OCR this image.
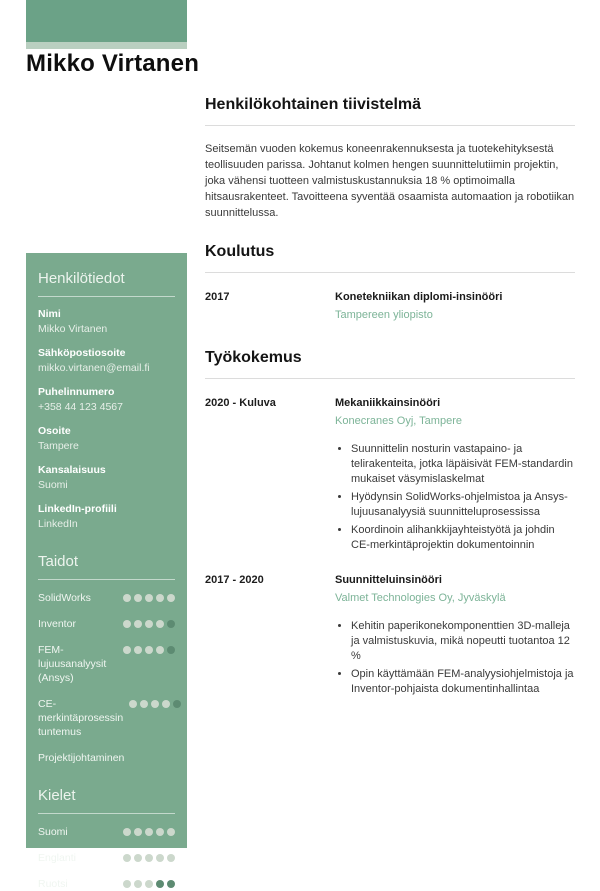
Mikko Virtanen
Henkilötiedot
Nimi
Mikko Virtanen
Sähköpostiosoite
mikko.virtanen@email.fi
Puhelinnumero
+358 44 123 4567
Osoite
Tampere
Kansalaisuus
Suomi
LinkedIn-profiili
LinkedIn
Taidot
SolidWorks
Inventor
FEM-lujuusanalyysit (Ansys)
CE-merkintäprosessin tuntemus
Projektijohtaminen
Kielet
Suomi
Englanti
Ruotsi
Henkilökohtainen tiivistelmä

Seitsemän vuoden kokemus koneenrakennuksesta ja tuotekehityksestä teollisuuden parissa. Johtanut kolmen hengen suunnittelutiimin projektin, joka vähensi tuotteen valmistuskustannuksia 18 % optimoimalla hitsausrakenteet. Tavoitteena syventää osaamista automaation ja robotiikan suunnittelussa.

Koulutus
2017	Konetekniikan diplomi-insinööri
Tampereen yliopisto
Työkokemus
2020 - Kuluva	Mekaniikkainsinööri
Konecranes Oyj, Tampere
• Suunnittelin nosturin vastapaino- ja telirakenteita, jotka läpäisivät FEM-standardin mukaiset väsymislaskelmat
• Hyödynsin SolidWorks-ohjelmistoa ja Ansys-lujuusanalyysiä suunnitteluprosessissa
• Koordinoin alihankkijayhteistyötä ja johdin CE-merkintäprojektin dokumentoinnin
2017 - 2020	Suunnitteluinsinööri
Valmet Technologies Oy, Jyväskylä
• Kehitin paperikonekomponenttien 3D-malleja ja valmistuskuvia, mikä nopeutti tuotantoa 12 %
• Opin käyttämään FEM-analyysiohjelmistoja ja Inventor-pohjaista dokumentinhallintaa
